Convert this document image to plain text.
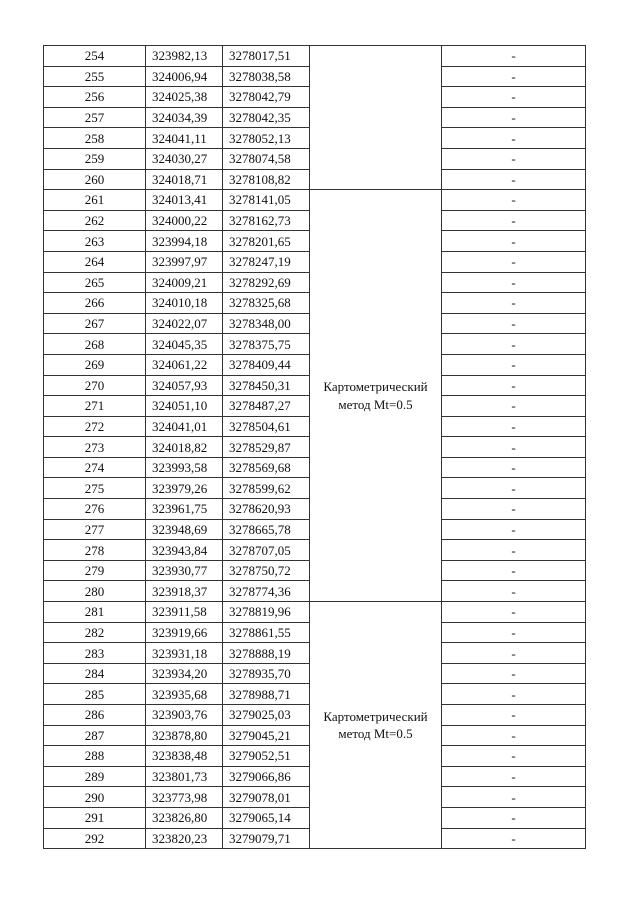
254	323982,13	3278017,51		-
255	324006,94	3278038,58		-
256	324025,38	3278042,79		-
257	324034,39	3278042,35		-
258	324041,11	3278052,13		-
259	324030,27	3278074,58		-
260	324018,71	3278108,82		-
261	324013,41	3278141,05	Картометрический метод Mt=0.5	-
262	324000,22	3278162,73		-
263	323994,18	3278201,65		-
264	323997,97	3278247,19		-
265	324009,21	3278292,69		-
266	324010,18	3278325,68		-
267	324022,07	3278348,00		-
268	324045,35	3278375,75		-
269	324061,22	3278409,44		-
270	324057,93	3278450,31		-
271	324051,10	3278487,27		-
272	324041,01	3278504,61		-
273	324018,82	3278529,87		-
274	323993,58	3278569,68		-
275	323979,26	3278599,62		-
276	323961,75	3278620,93		-
277	323948,69	3278665,78		-
278	323943,84	3278707,05		-
279	323930,77	3278750,72		-
280	323918,37	3278774,36		-
281	323911,58	3278819,96	Картометрический метод Mt=0.5	-
282	323919,66	3278861,55		-
283	323931,18	3278888,19		-
284	323934,20	3278935,70		-
285	323935,68	3278988,71		-
286	323903,76	3279025,03		-
287	323878,80	3279045,21		-
288	323838,48	3279052,51		-
289	323801,73	3279066,86		-
290	323773,98	3279078,01		-
291	323826,80	3279065,14		-
292	323820,23	3279079,71		-
